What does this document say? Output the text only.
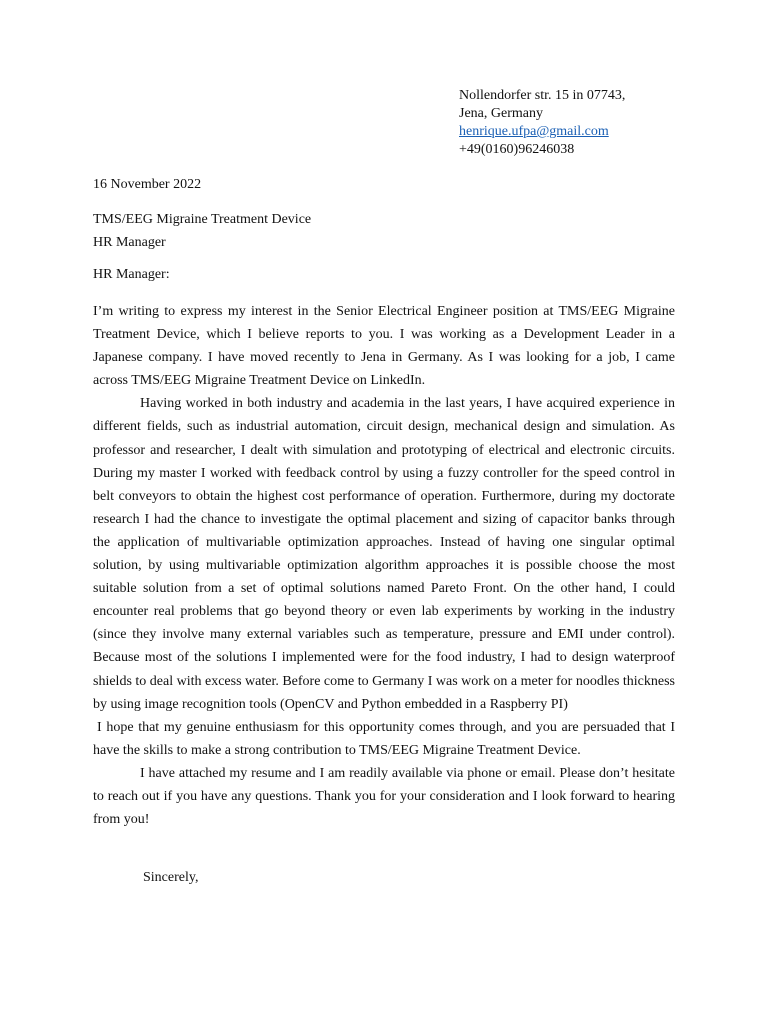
Nollendorfer str. 15 in 07743,
Jena, Germany
henrique.ufpa@gmail.com
+49(0160)96246038
16 November 2022
TMS/EEG Migraine Treatment Device
HR Manager
HR Manager:

I’m writing to express my interest in the Senior Electrical Engineer position at TMS/EEG Migraine Treatment Device, which I believe reports to you. I was working as a Development Leader in a Japanese company. I have moved recently to Jena in Germany. As I was looking for a job, I came across TMS/EEG Migraine Treatment Device on LinkedIn.

Having worked in both industry and academia in the last years, I have acquired experience in different fields, such as industrial automation, circuit design, mechanical design and simulation. As professor and researcher, I dealt with simulation and prototyping of electrical and electronic circuits. During my master I worked with feedback control by using a fuzzy controller for the speed control in belt conveyors to obtain the highest cost performance of operation. Furthermore, during my doctorate research I had the chance to investigate the optimal placement and sizing of capacitor banks through the application of multivariable optimization approaches. Instead of having one singular optimal solution, by using multivariable optimization algorithm approaches it is possible choose the most suitable solution from a set of optimal solutions named Pareto Front. On the other hand, I could encounter real problems that go beyond theory or even lab experiments by working in the industry (since they involve many external variables such as temperature, pressure and EMI under control). Because most of the solutions I implemented were for the food industry, I had to design waterproof shields to deal with excess water. Before come to Germany I was work on a meter for noodles thickness by using image recognition tools (OpenCV and Python embedded in a Raspberry PI)

I hope that my genuine enthusiasm for this opportunity comes through, and you are persuaded that I have the skills to make a strong contribution to TMS/EEG Migraine Treatment Device.

I have attached my resume and I am readily available via phone or email. Please don’t hesitate to reach out if you have any questions. Thank you for your consideration and I look forward to hearing from you!

Sincerely,
